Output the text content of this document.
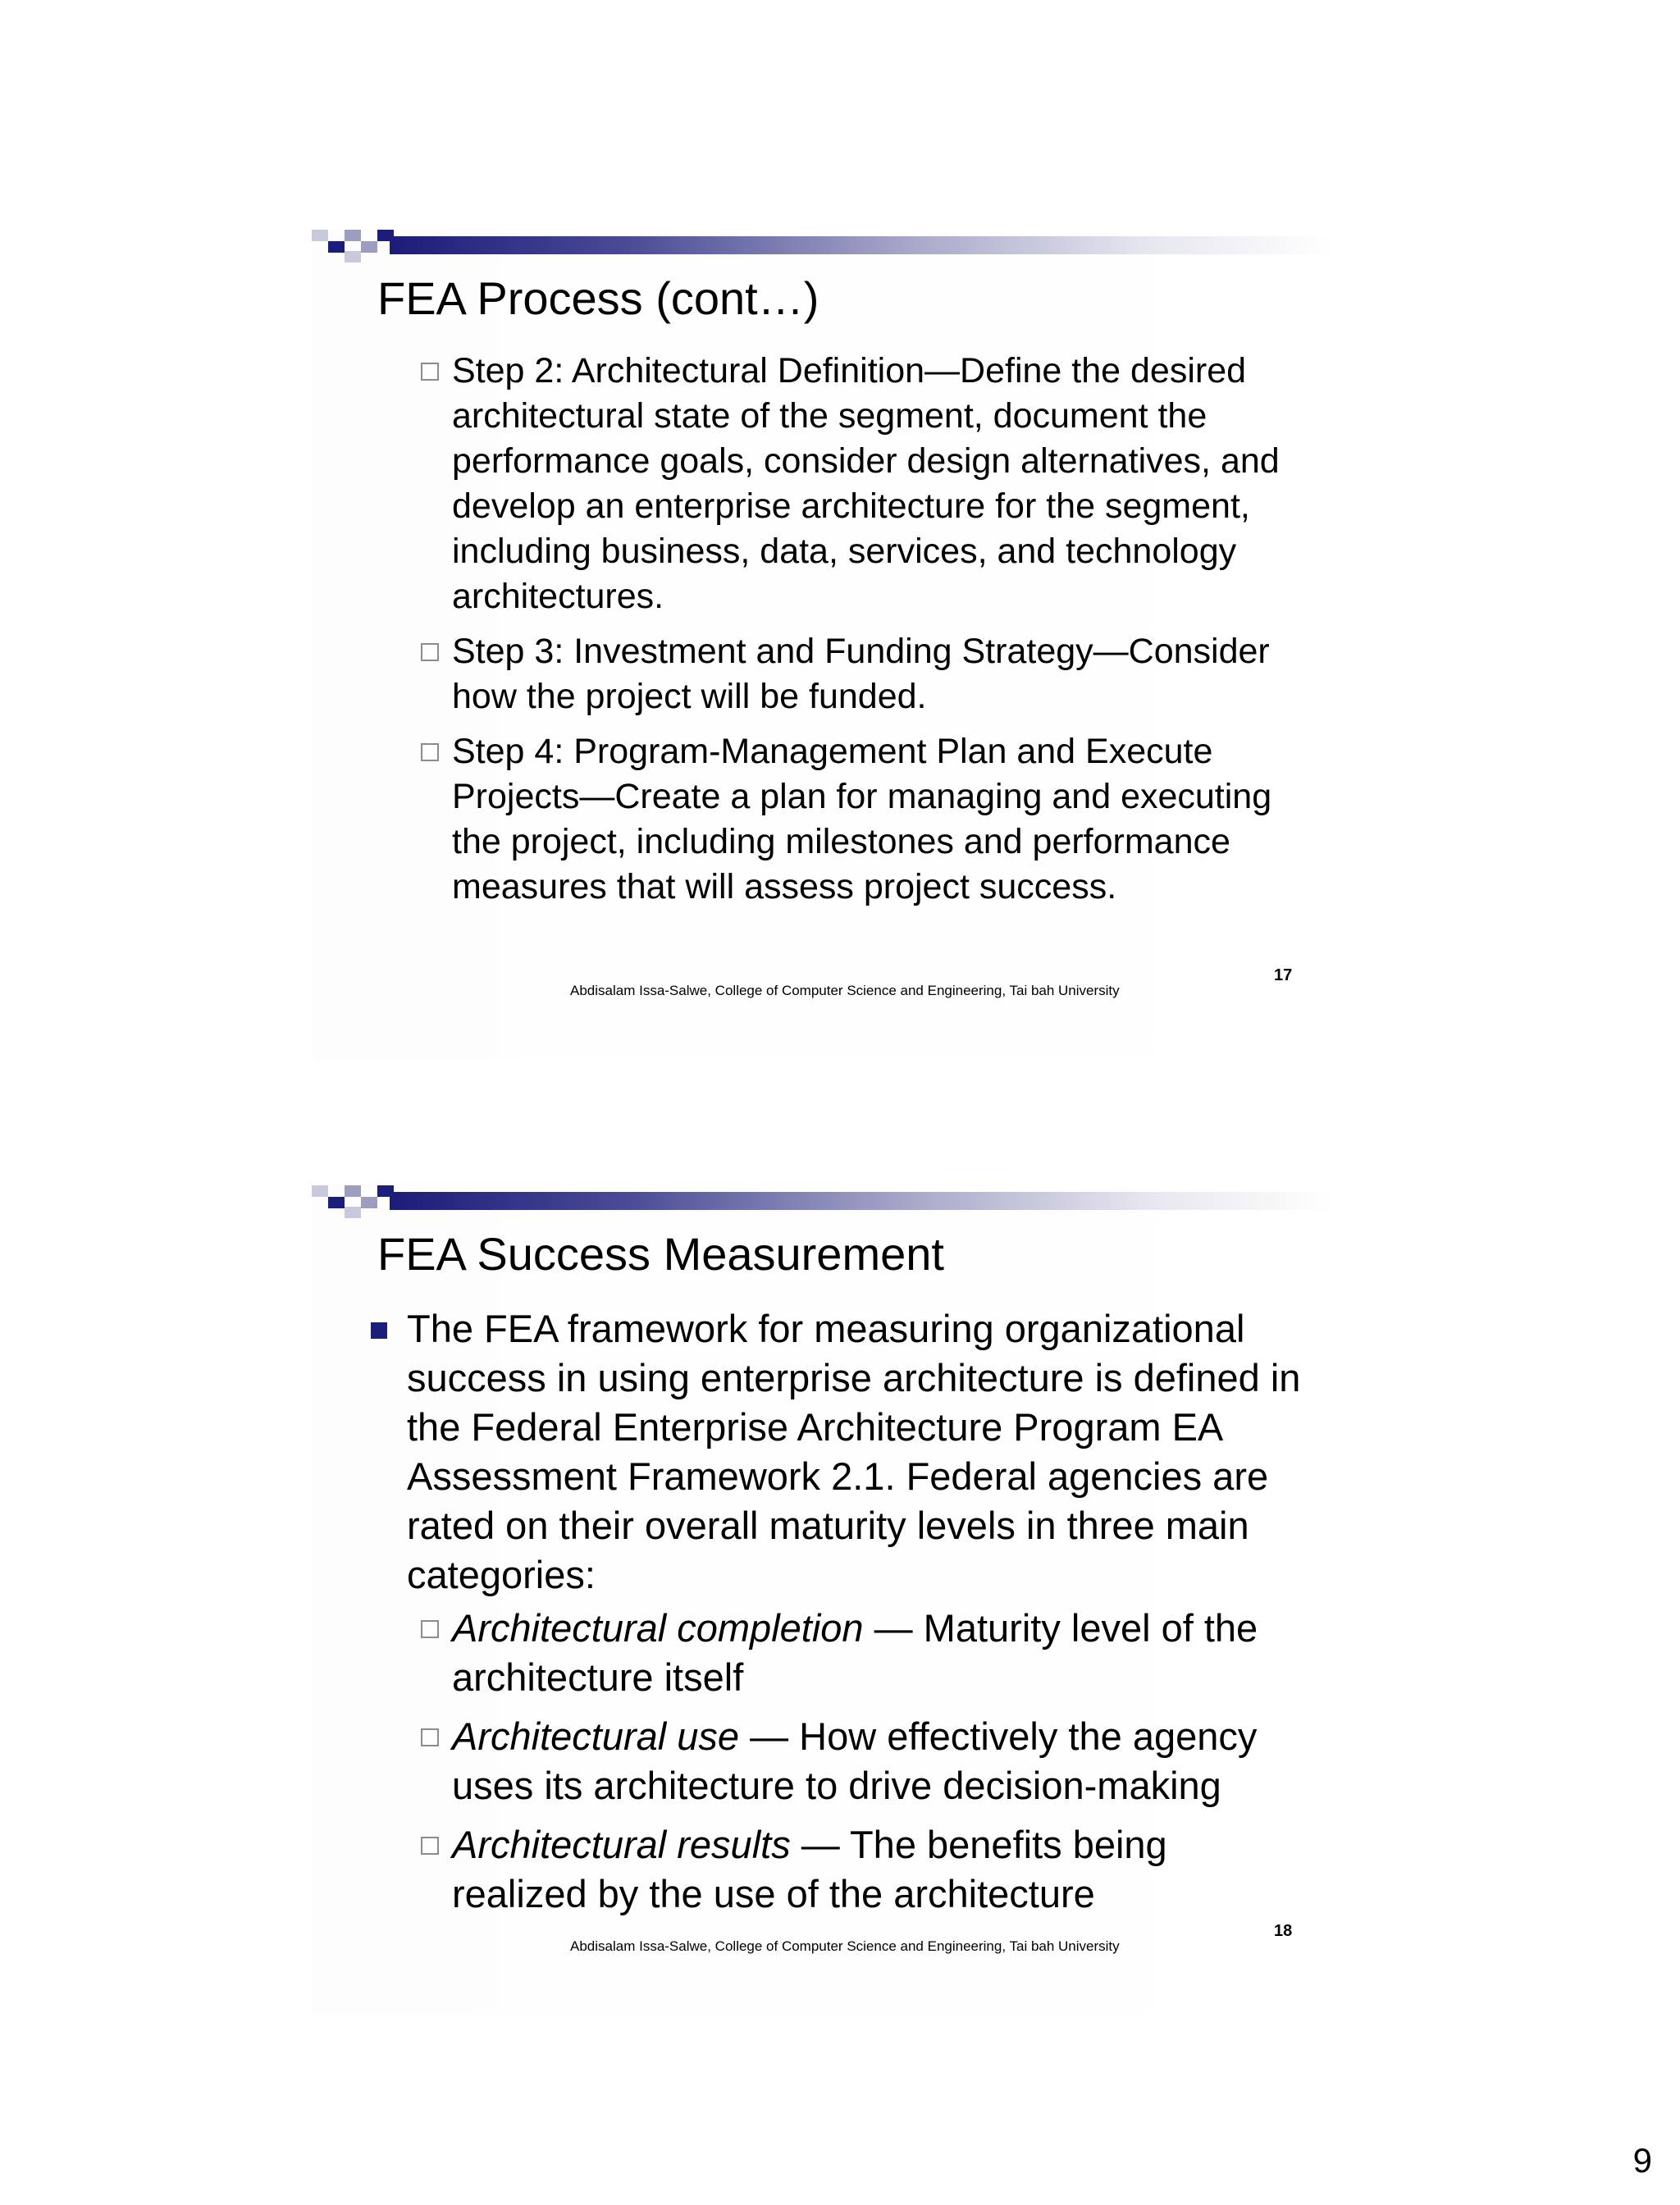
FEA Process (cont…)
Step 2: Architectural Definition—Define the desired architectural state of the segment, document the performance goals, consider design alternatives, and develop an enterprise architecture for the segment, including business, data, services, and technology architectures.
Step 3: Investment and Funding Strategy—Consider how the project will be funded.
Step 4: Program-Management Plan and Execute Projects—Create a plan for managing and executing the project, including milestones and performance measures that will assess project success.
Abdisalam Issa-Salwe, College of Computer Science and Engineering, Tai bah University
17
FEA Success Measurement
The FEA framework for measuring organizational success in using enterprise architecture is defined in the Federal Enterprise Architecture Program EA Assessment Framework 2.1. Federal agencies are rated on their overall maturity levels in three main categories:
Architectural completion — Maturity level of the architecture itself
Architectural use — How effectively the agency uses its architecture to drive decision-making
Architectural results — The benefits being realized by the use of the architecture
Abdisalam Issa-Salwe, College of Computer Science and Engineering, Tai bah University
18
9
